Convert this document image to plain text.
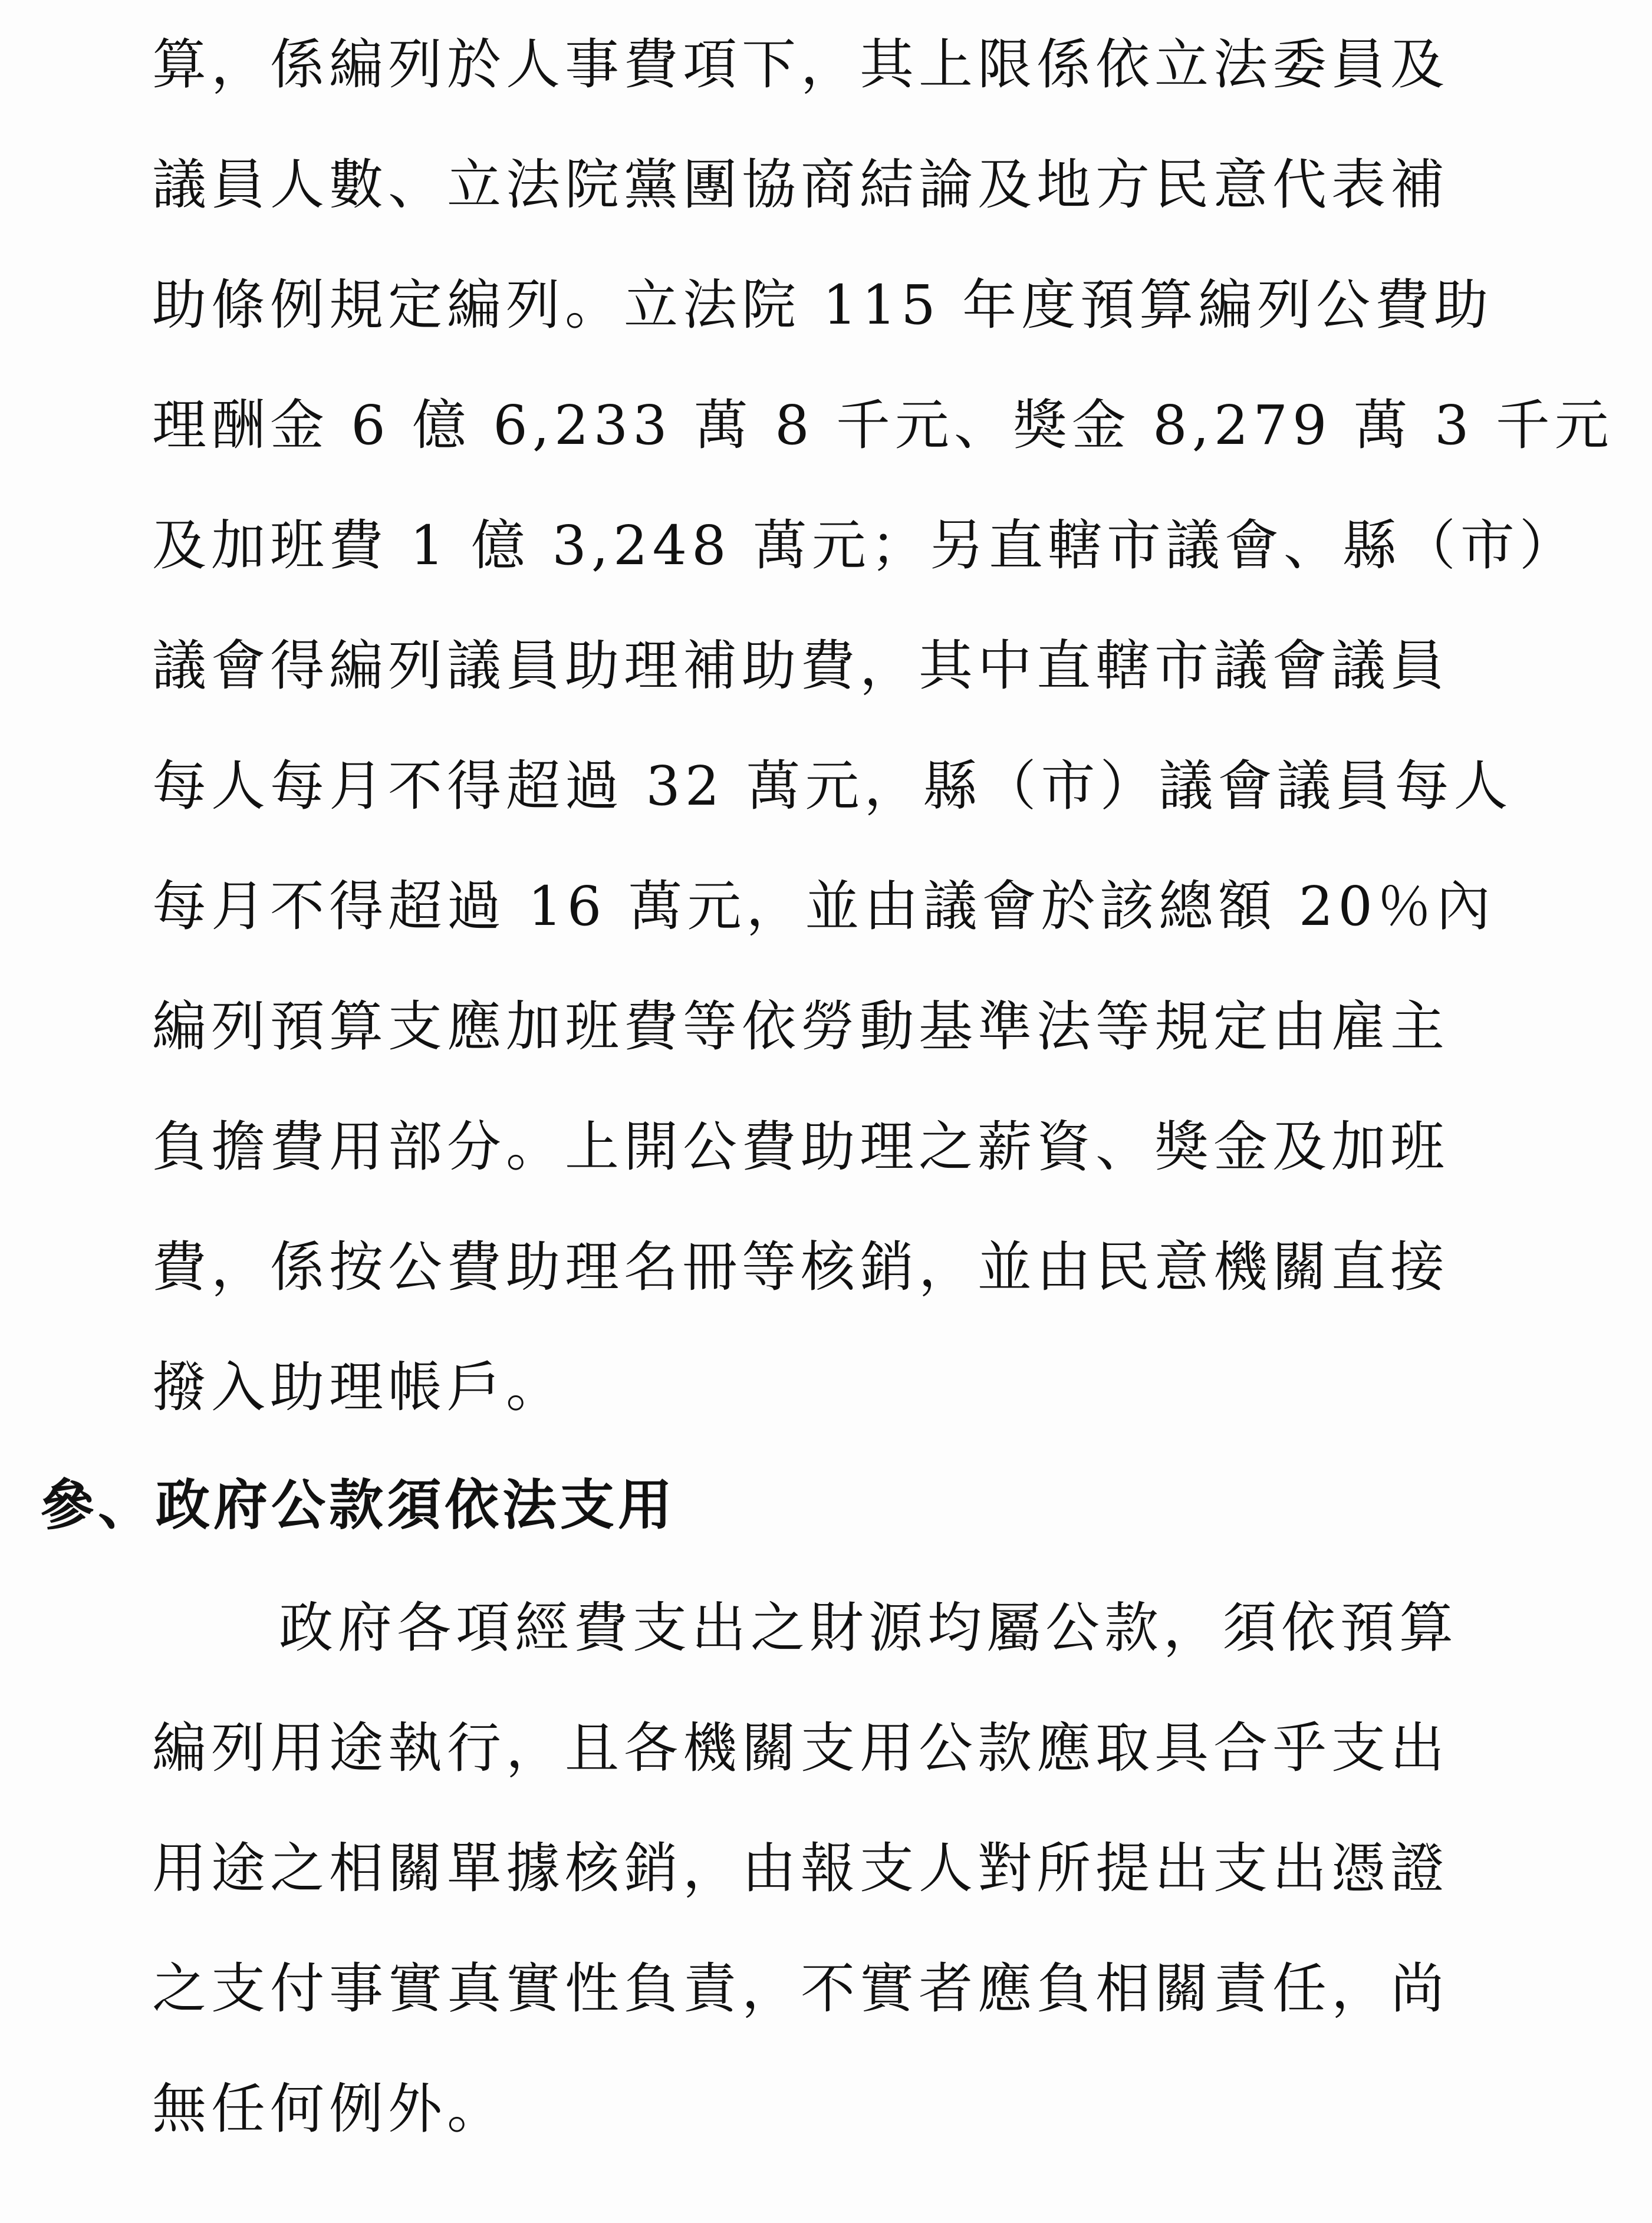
算，係編列於人事費項下，其上限係依立法委員及
議員人數、立法院黨團協商結論及地方民意代表補
助條例規定編列。立法院 115 年度預算編列公費助
理酬金 6 億 6,233 萬 8 千元、獎金 8,279 萬 3 千元
及加班費 1 億 3,248 萬元；另直轄市議會、縣（市）
議會得編列議員助理補助費，其中直轄市議會議員
每人每月不得超過 32 萬元，縣（市）議會議員每人
每月不得超過 16 萬元，並由議會於該總額 20％內
編列預算支應加班費等依勞動基準法等規定由雇主
負擔費用部分。上開公費助理之薪資、獎金及加班
費，係按公費助理名冊等核銷，並由民意機關直接
撥入助理帳戶。
參、政府公款須依法支用
政府各項經費支出之財源均屬公款，須依預算
編列用途執行，且各機關支用公款應取具合乎支出
用途之相關單據核銷，由報支人對所提出支出憑證
之支付事實真實性負責，不實者應負相關責任，尚
無任何例外。
